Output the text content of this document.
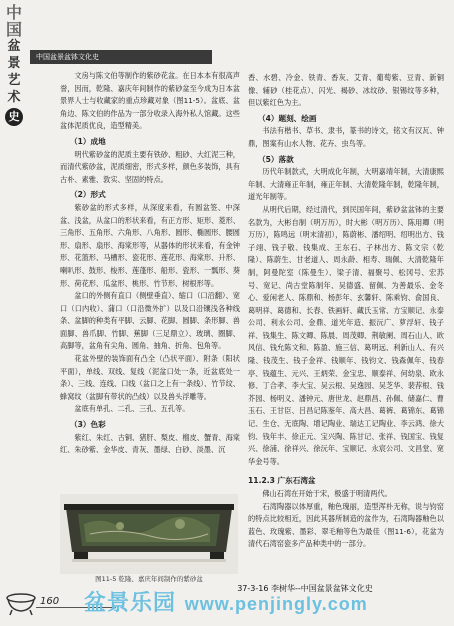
中
国
盆
景
艺
术
史
中国盆景盆钵文化史

文房与陈文伯等制作的紫砂花盆。在日本本有很高声誉，因而，乾隆、嘉庆年间制作的紫砂盆至今成为日本盆景界人士与收藏家的重点珍藏对象（图11-5）。盆底、盆角边、陈文伯的作品为一部分收录入海外私人馆藏。这些盆体泥质优良，造型精美。

（1）成地

明代紫砂盆的泥质主要有铁砂、粗砂、大红泥三种，而清代紫砂盆，泥质细密，形式多样，颜色多装饰，具有古朴、素雅、敦实、坚固的特点。

（2）形式

紫砂盆的形式多样，从深度来看，有圆盆签、中深盆、浅盆，从盆口的形状来看，有正方形、矩形、菱形、三角形、五角形、六角形、八角形、圆形、椭圆形、腰圆形、扇形、扇形、海棠形等，从器体的形状来看，有金钟形、花篮形、马槽形、瓷花形、莲花形、海棠形、升形、喇叭形、鼓形、梭形、莲蓬形、船形、瓷形、一瓢形、葵形、荷花形、瓜盆形、桃形、竹节形、树根形等。

盆口的外侧有直口（侧壁垂直）、缩口（口沿翻）、宽口（口内收）、蒲口（口沿微外扩）以及口沿镶浅各种线条、盆脚的种类有平脚、云脚、花脚、圆脚、条形脚、兽面脚、兽爪脚、竹脚、蕉脚（三足鼎立）、玻璃、圈脚、高脚等，盆角有尖角、圆角、抽角、折角、包角等。

花盆外壁的装饰面有凸全（凸状平面）、附条（阳状平面），单线、双线、复线（泥盆口处一条，近盆底处一条）、三线、连线、口线（盆口之上有一条线）、竹节纹、蜂窝纹（盆脚有带状的凸线）以及兽头浮雕等。

盆底有单孔、二孔、三孔、五孔等。

（3）色彩

紫红、朱红、古铜、猪肝、梨皮、榴皮、蟹青、海棠红、朱砂紫、金华皮、青灰、墨绿、白砂、淡墨、沉

图11-5 乾隆、嘉庆年间制作的紫砂盆

香、水碧、冷金、铁青、香灰、艾青、葡萄紫、豆青、新铜像、辅砂（桂花点）、闪光、褐砂、冰纹砂、银锡纹等多种，但以紫红色为主。

（4）题刻、绘画

书法有楷书、草书、隶书，篆书的诗文，铭文有汉瓦、钟鼎，图案有山水人物、花卉、虫鸟等。

（5）落款

历代年制款式，大明成化年制，大明嘉靖年制，大清康熙年制、大清雍正年制，雍正年制、大清乾隆年制，乾隆年制，道光年制等。

从明代后期，经过清代，到民国年间，紫砂盆盆钵的主要名款为，大彬自制（明万历），时大彬（明万历）、陈用卿（明万历），陈鸣远（明末清初），陈蔚彬、潘绍明、绍明出方、钱子翊、钱子敬、钱集成、王东石、子林出方、陈文宗（乾隆）、陈蔚生、甘老道人、周永龄、相寿、瑞佩、大清乾隆年制，阿曼陀室（陈曼生）、梁子清、福聚号、松冈号、宏苏号、宽记、尚古堂陈制年、吴德盛、留佩、为善最乐、金冬心、爱闲老人、陈鼎和、杨彭年、玄馨轩、陈乘钧、俞国良、葛明祥、葛德和、长春、铁画轩、藏氏玉常、方宝顺记、永泰公司、利永公司、金鼎、道光年造、振沅广、萝浮轩、钱子祥、钱集生、陈文卿、陈晨、周茂卿、荆敏阑、周石山人、欧风信、钱允陈文和、陈盈、施三信、葛明远、利新山人、有兴隆、钱茂生、钱子金祥、钱顺年、钱钧文、钱森佩年、钱春亭、钱蕴生、元兴、王炳荣、金宝忠、顺泰祥、何幼泉、欧永修、丁合孝、李大宝、吴云根、吴逸园、吴芝华、裴荐根、钱芥园、杨明义、潘钟元、唐世龙、赵鼎昌、孙佩、储嘉仁、曹玉石、王甘臣、吕昌记陈鉴年、高大昌、葛裤、葛锦东、葛锦记、生仓、无底陶、增记陶业、瑞达工记陶业、李云鸿、徐大钧、钱年丰、徐正元、宝兴陶、陈甘记、张祥、钱国宝、钱复兴、徐浦、徐祥兴、徐沅年、宝顺记、永宸公司、文昌堂、宽华金号等。

11.2.3 广东石湾盆

佛山石湾在开始于宋，极盛于明清两代。

石湾陶器以体厚重，釉色瑰丽，造型浑朴无称，说与钧窑的特点比较相近，因此其器所制造的盆作为，石湾陶器釉色以蓝色、玫瑰紫、墨彩、翠毛釉等色为最佳（图11-6），花盆为清代石湾窑瓷多产品种类中的一部分。

37-3-16 李树华--中国盆景盆钵文化史
160 盆景乐园 www.penjingly.com
